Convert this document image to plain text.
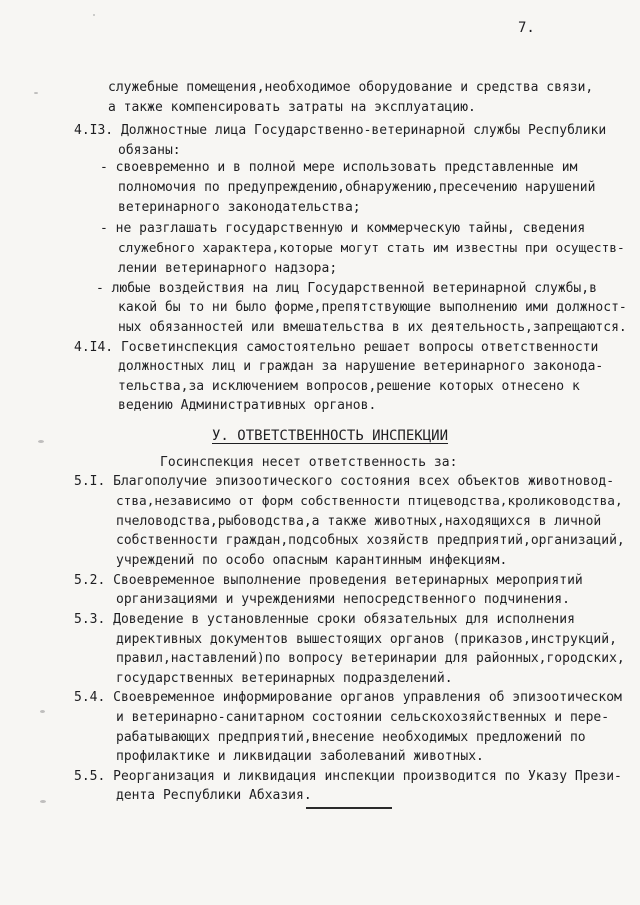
7.
служебные помещения,необходимое оборудование и средства связи,
а также компенсировать затраты на эксплуатацию.
4.I3. Должностные лица Государственно-ветеринарной службы Республики
обязаны:
- своевременно и в полной мере использовать представленные им
полномочия по предупреждению,обнаружению,пресечению нарушений
ветеринарного законодательства;
- не разглашать государственную и коммерческую тайны, сведения
служебного характера,которые могут стать им известны при осуществ-
лении ветеринарного надзора;
- любые воздействия на лиц Государственной ветеринарной службы,в
какой бы то ни было форме,препятствующие выполнению ими должност-
ных обязанностей или вмешательства в их деятельность,запрещаются.
4.I4. Госветинспекция самостоятельно решает вопросы ответственности
должностных лиц и граждан за нарушение ветеринарного законода-
тельства,за исключением вопросов,решение которых отнесено к
ведению Административных органов.
У. ОТВЕТСТВЕННОСТЬ ИНСПЕКЦИИ
Госинспекция несет ответственность за:
5.I. Благополучие эпизоотического состояния всех объектов животновод-
ства,независимо от форм собственности птицеводства,кролиководства,
пчеловодства,рыбоводства,а также животных,находящихся в личной
собственности граждан,подсобных хозяйств предприятий,организаций,
учреждений по особо опасным карантинным инфекциям.
5.2. Своевременное выполнение проведения ветеринарных мероприятий
организациями и учреждениями непосредственного подчинения.
5.3. Доведение в установленные сроки обязательных для исполнения
директивных документов вышестоящих органов (приказов,инструкций,
правил,наставлений)по вопросу ветеринарии для районных,городских,
государственных ветеринарных подразделений.
5.4. Своевременное информирование органов управления об эпизоотическом
и ветеринарно-санитарном состоянии сельскохозяйственных и пере-
рабатывающих предприятий,внесение необходимых предложений по
профилактике и ликвидации заболеваний животных.
5.5. Реорганизация и ликвидация инспекции производится по Указу Прези-
дента Республики Абхазия.
